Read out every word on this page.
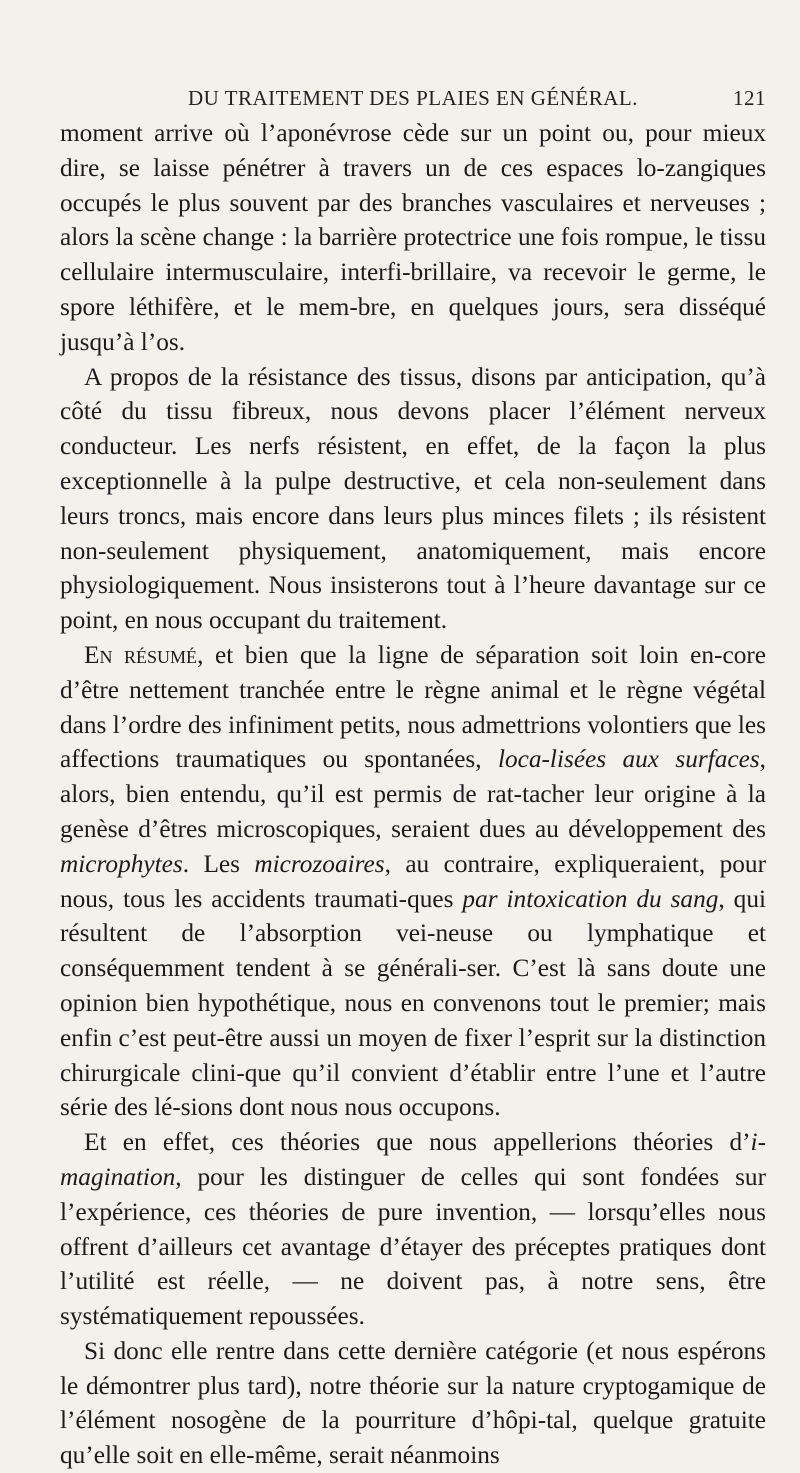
DU TRAITEMENT DES PLAIES EN GÉNÉRAL.	121

moment arrive où l’aponévrose cède sur un point ou, pour mieux dire, se laisse pénétrer à travers un de ces espaces lo-zangiques occupés le plus souvent par des branches vasculaires et nerveuses ; alors la scène change : la barrière protectrice une fois rompue, le tissu cellulaire intermusculaire, interfi-brillaire, va recevoir le germe, le spore léthifère, et le mem-bre, en quelques jours, sera disséqué jusqu’à l’os.

A propos de la résistance des tissus, disons par anticipation, qu’à côté du tissu fibreux, nous devons placer l’élément nerveux conducteur. Les nerfs résistent, en effet, de la façon la plus exceptionnelle à la pulpe destructive, et cela non-seulement dans leurs troncs, mais encore dans leurs plus minces filets ; ils résistent non-seulement physiquement, anatomiquement, mais encore physiologiquement. Nous insisterons tout à l’heure davantage sur ce point, en nous occupant du traitement.

En résumé, et bien que la ligne de séparation soit loin en-core d’être nettement tranchée entre le règne animal et le règne végétal dans l’ordre des infiniment petits, nous admettrions volontiers que les affections traumatiques ou spontanées, loca-lisées aux surfaces, alors, bien entendu, qu’il est permis de rat-tacher leur origine à la genèse d’êtres microscopiques, seraient dues au développement des microphytes. Les microzoaires, au contraire, expliqueraient, pour nous, tous les accidents traumati-ques par intoxication du sang, qui résultent de l’absorption vei-neuse ou lymphatique et conséquemment tendent à se générali-ser. C’est là sans doute une opinion bien hypothétique, nous en convenons tout le premier; mais enfin c’est peut-être aussi un moyen de fixer l’esprit sur la distinction chirurgicale clini-que qu’il convient d’établir entre l’une et l’autre série des lé-sions dont nous nous occupons.

Et en effet, ces théories que nous appellerions théories d’i-magination, pour les distinguer de celles qui sont fondées sur l’expérience, ces théories de pure invention, — lorsqu’elles nous offrent d’ailleurs cet avantage d’étayer des préceptes pratiques dont l’utilité est réelle, — ne doivent pas, à notre sens, être systématiquement repoussées.

Si donc elle rentre dans cette dernière catégorie (et nous espérons le démontrer plus tard), notre théorie sur la nature cryptogamique de l’élément nosogène de la pourriture d’hôpi-tal, quelque gratuite qu’elle soit en elle-même, serait néanmoins
